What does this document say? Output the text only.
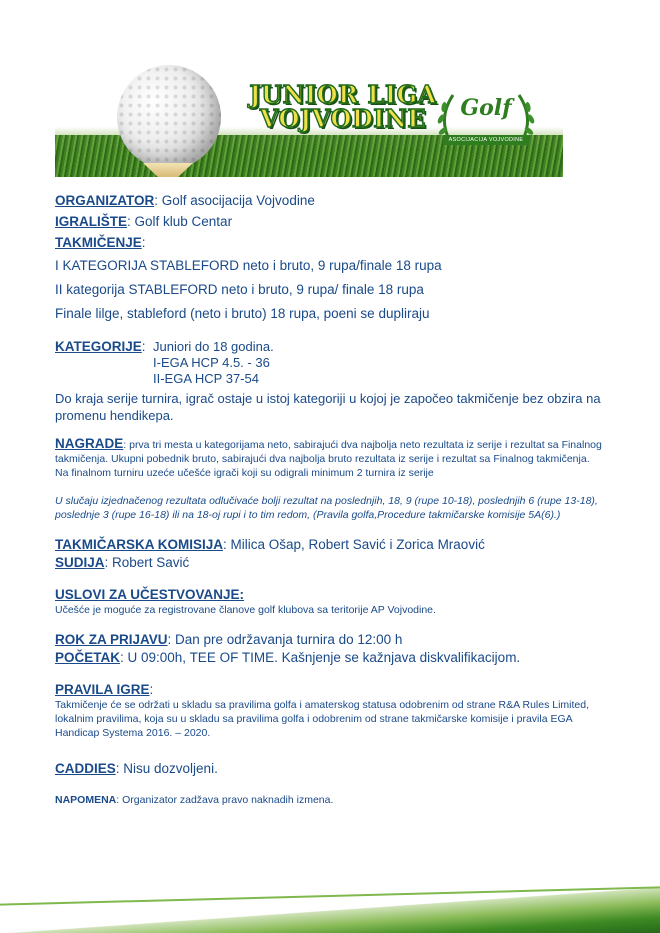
JUNIOR LIGA
VOJVODINE	Golf
ASOCIJACIJA VOJVODINE

ORGANIZATOR: Golf asocijacija Vojvodine

IGRALIŠTE: Golf klub Centar

TAKMIČENJE:

I KATEGORIJA STABLEFORD neto i bruto, 9 rupa/finale 18 rupa

II kategorija STABLEFORD neto i bruto, 9 rupa/ finale 18 rupa

Finale lilge, stableford (neto i bruto) 18 rupa, poeni se dupliraju

KATEGORIJE: Juniori do 18 godina.
I-EGA HCP 4.5. - 36
II-EGA HCP 37-54

Do kraja serije turnira, igrač ostaje u istoj kategoriji u kojoj je započeo takmičenje bez obzira na promenu hendikepa.

NAGRADE: prva tri mesta u kategorijama neto, sabirajući dva najbolja neto rezultata iz serije i rezultat sa Finalnog takmičenja. Ukupni pobednik bruto, sabirajući dva najbolja bruto rezultata iz serije i rezultat sa Finalnog takmičenja.

Na finalnom turniru uzeće učešće igrači koji su odigrali minimum 2 turnira iz serije

U slučaju izjednačenog rezultata odlučivaće bolji rezultat na poslednjih, 18, 9 (rupe 10-18), poslednjih 6 (rupe 13-18), poslednje 3 (rupe 16-18) ili na 18-oj rupi i to tim redom, (Pravila golfa,Procedure takmičarske komisije 5A(6).)

TAKMIČARSKA KOMISIJA: Milica Ošap, Robert Savić i Zorica Mraović

SUDIJA: Robert Savić

USLOVI ZA UČESTVOVANJE:

Učešće je moguće za registrovane članove golf klubova sa teritorije AP Vojvodine.

ROK ZA PRIJAVU: Dan pre održavanja turnira do 12:00 h

POČETAK: U 09:00h, TEE OF TIME. Kašnjenje se kažnjava diskvalifikacijom.

PRAVILA IGRE:

Takmičenje će se održati u skladu sa pravilima golfa i amaterskog statusa odobrenim od strane R&A Rules Limited, lokalnim pravilima, koja su u skladu sa pravilima golfa i odobrenim od strane takmičarske komisije i pravila EGA Handicap Systema 2016. – 2020.

CADDIES: Nisu dozvoljeni.

NAPOMENA: Organizator zadžava pravo naknadih izmena.
